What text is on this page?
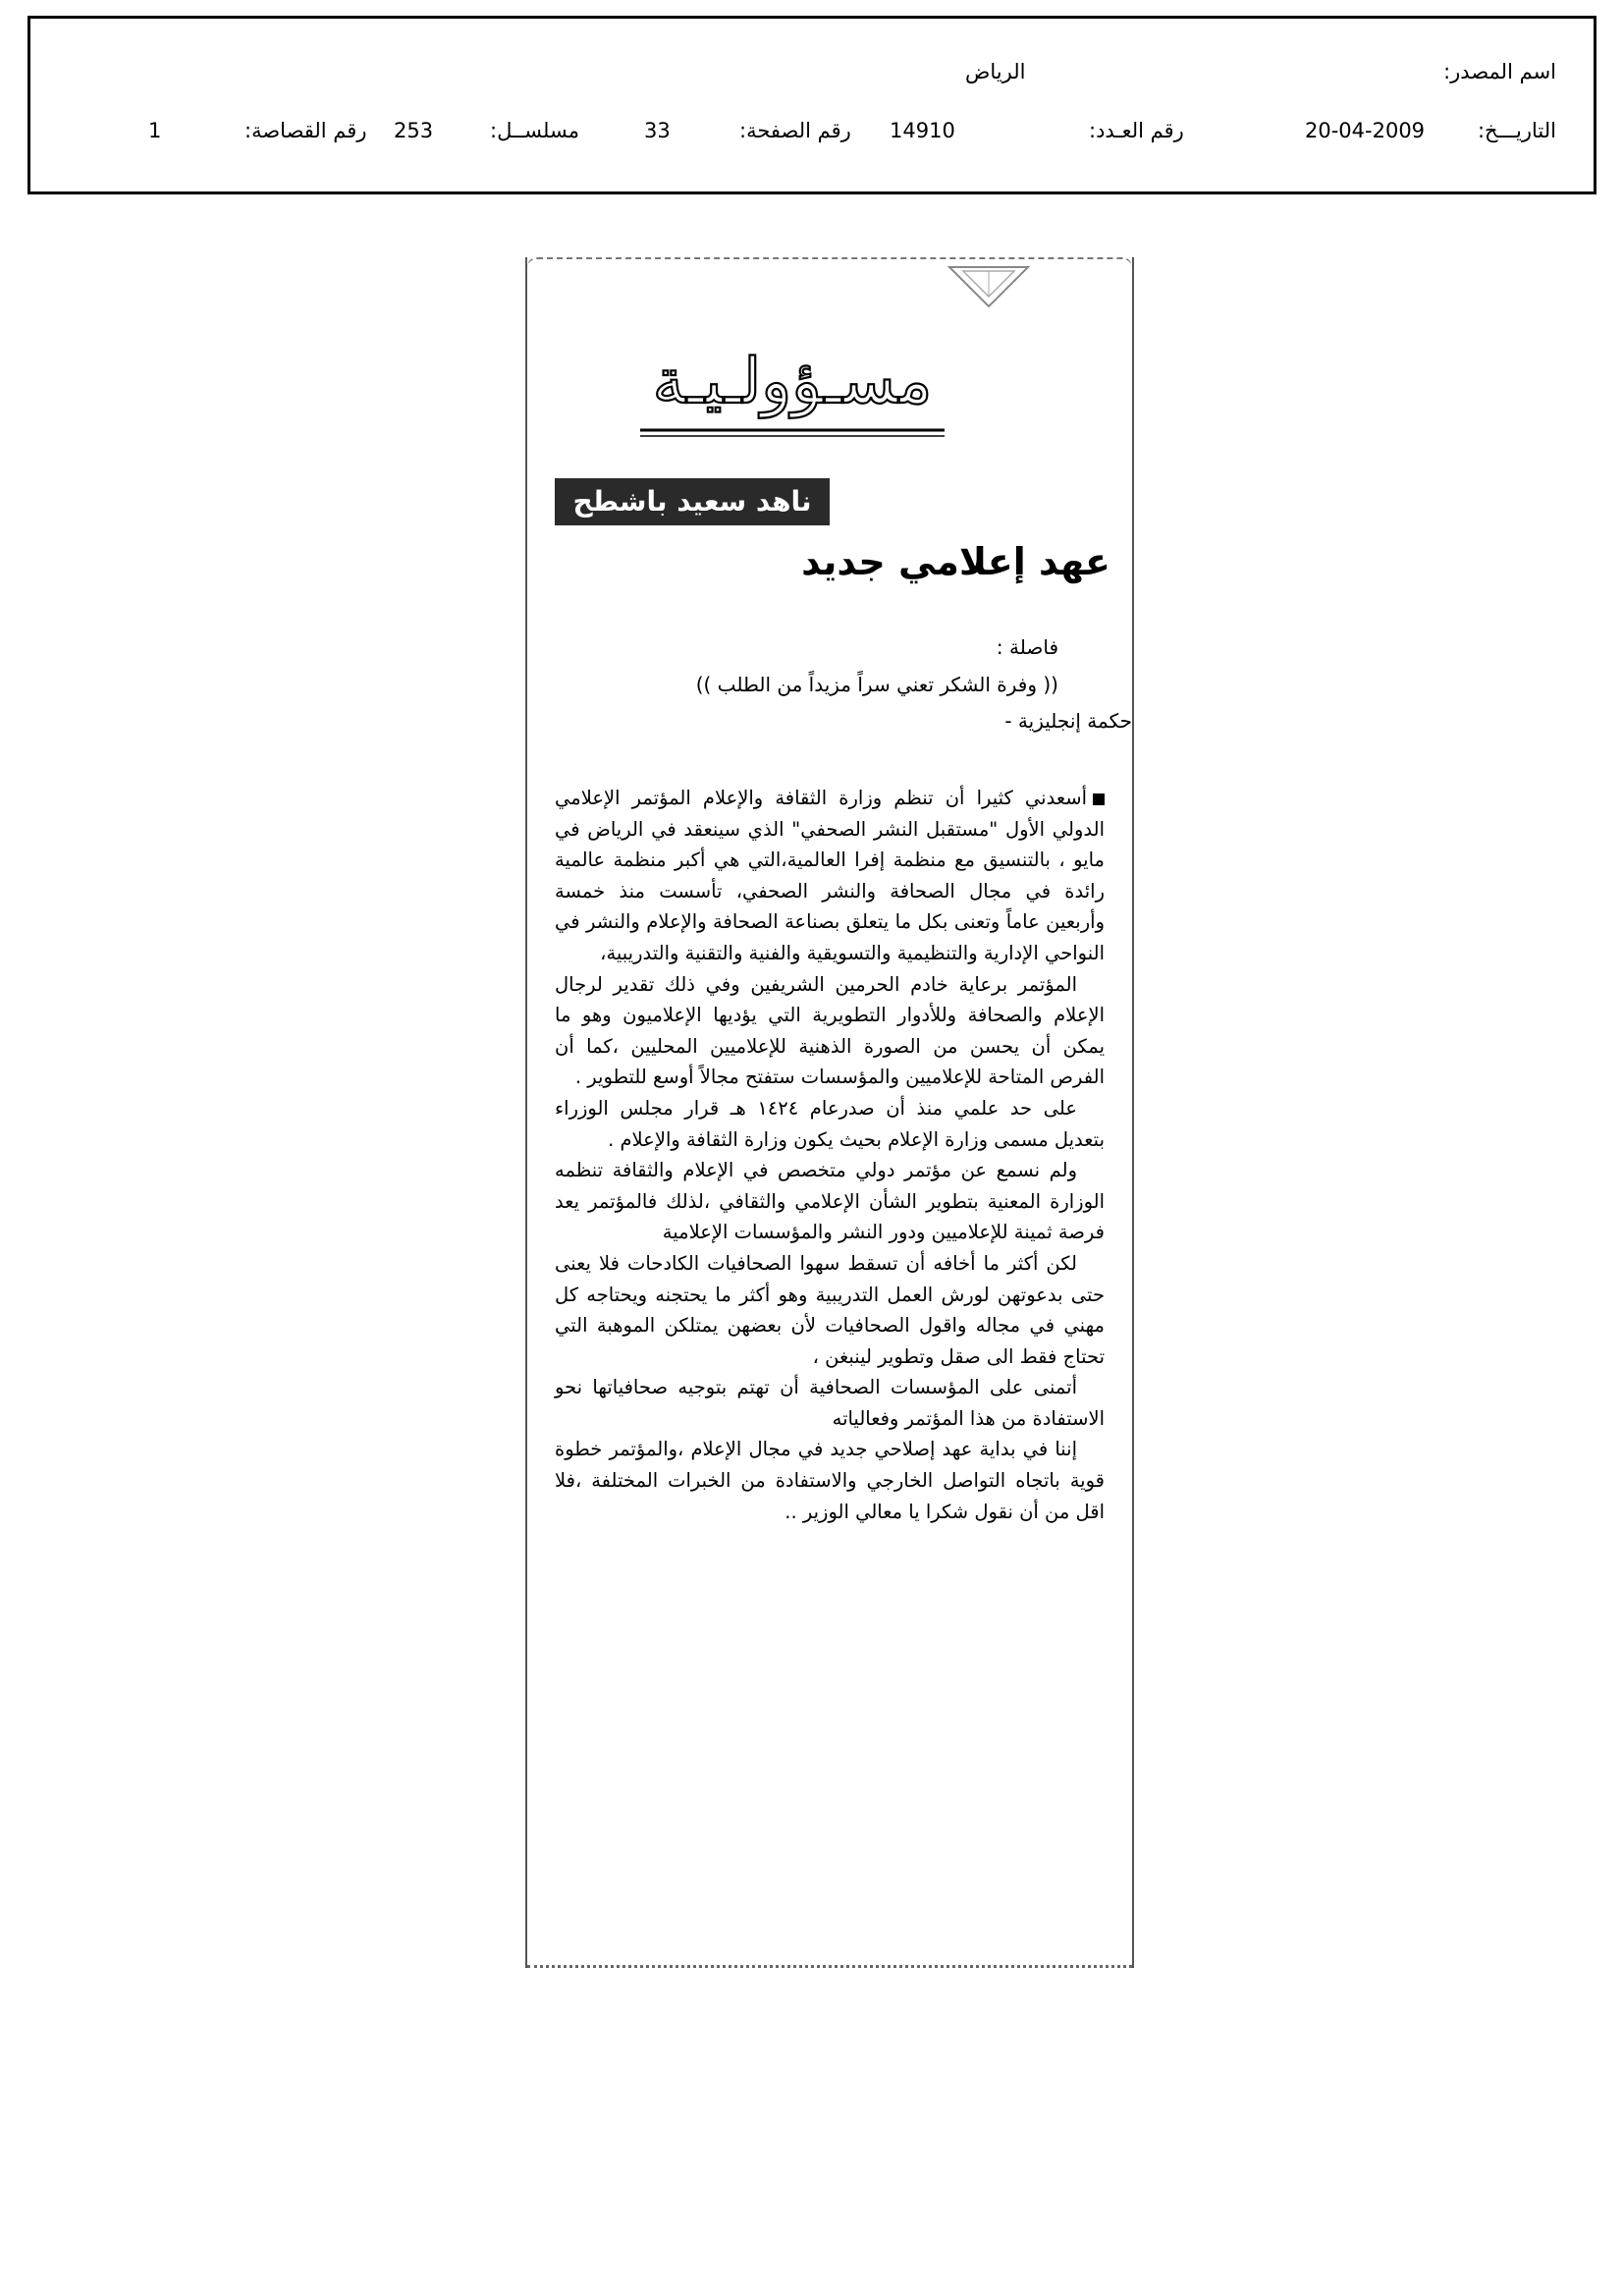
اسم المصدر:
الرياض
التاريـــخ:
20-04-2009
رقم العـدد:
14910
رقم الصفحة:
33
مسلســل:
253
رقم القصاصة:
1
مسـؤولـيـة
ناهد سعيد باشطح
عهد إعلامي جديد
فاصلة :
(( وفرة الشكر تعني سراً مزيداً من الطلب ))
حكمة إنجليزية -

أسعدني كثيرا أن تنظم وزارة الثقافة والإعلام المؤتمر الإعلامي الدولي الأول "مستقبل النشر الصحفي" الذي سينعقد في الرياض في مايو ، بالتنسيق مع منظمة إفرا العالمية،التي هي أكبر منظمة عالمية رائدة في مجال الصحافة والنشر الصحفي، تأسست منذ خمسة وأربعين عاماً وتعنى بكل ما يتعلق بصناعة الصحافة والإعلام والنشر في النواحي الإدارية والتنظيمية والتسويقية والفنية والتقنية والتدريبية،

المؤتمر برعاية خادم الحرمين الشريفين وفي ذلك تقدير لرجال الإعلام والصحافة وللأدوار التطويرية التي يؤديها الإعلاميون وهو ما يمكن أن يحسن من الصورة الذهنية للإعلاميين المحليين ،كما أن الفرص المتاحة للإعلاميين والمؤسسات ستفتح مجالاً أوسع للتطوير .

على حد علمي منذ أن صدرعام ١٤٢٤ هـ قرار مجلس الوزراء بتعديل مسمى وزارة الإعلام بحيث يكون وزارة الثقافة والإعلام .

ولم نسمع عن مؤتمر دولي متخصص في الإعلام والثقافة تنظمه الوزارة المعنية بتطوير الشأن الإعلامي والثقافي ،لذلك فالمؤتمر يعد فرصة ثمينة للإعلاميين ودور النشر والمؤسسات الإعلامية

لكن أكثر ما أخافه أن تسقط سهوا الصحافيات الكادحات فلا يعنى حتى بدعوتهن لورش العمل التدريبية وهو أكثر ما يحتجنه ويحتاجه كل مهني في مجاله واقول الصحافيات لأن بعضهن يمتلكن الموهبة التي تحتاج فقط الى صقل وتطوير لينبغن ،

أتمنى على المؤسسات الصحافية أن تهتم بتوجيه صحافياتها نحو الاستفادة من هذا المؤتمر وفعالياته

إننا في بداية عهد إصلاحي جديد في مجال الإعلام ،والمؤتمر خطوة قوية باتجاه التواصل الخارجي والاستفادة من الخبرات المختلفة ،فلا اقل من أن نقول شكرا يا معالي الوزير ..
